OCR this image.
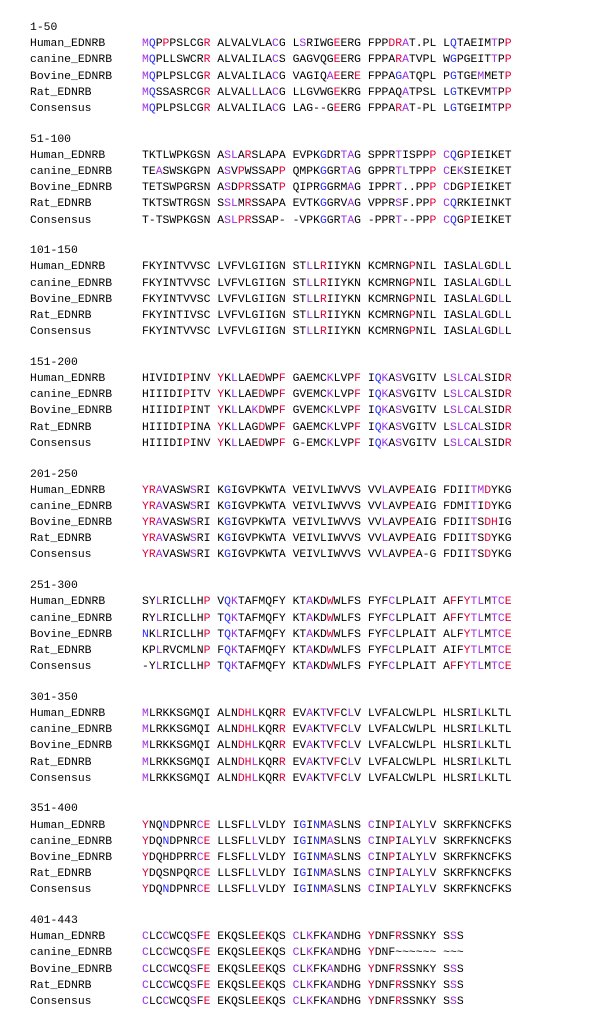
1-50
Human_EDNRB	MQPPPSLCGR ALVALVLACG LSRIWGEERG FPPDRAT.PL LQTAEIMTPP
canine_EDNRB	MQPLLSWCRR ALVALILACS GAGVQGEERG FPPARATVPL WGPGEITTPP
Bovine_EDNRB	MQPLPSLCGR ALVALILACG VAGIQAEERE FPPAGATQPL PGTGEMMETP
Rat_EDNRB	MQSSASRCGR ALVALLLACG LLGVWGEKRG FPPAQATPSL LGTKEVMTPP
Consensus	MQPLPSLCGR ALVALILACG LAG--GEERG FPPARAT-PL LGTGEIMTPP
51-100
Human_EDNRB	TKTLWPKGSN ASLARSLAPA EVPKGDRTAG SPPRTISPPP CQGPIEIKET
canine_EDNRB	TEASWSKGPN ASVPWSSAPP QMPKGGRTAG GPPRTLTPPP CEKSIEIKET
Bovine_EDNRB	TETSWPGRSN ASDPRSSATP QIPRGGRMAG IPPRT..PPP CDGPIEIKET
Rat_EDNRB	TKTSWTRGSN SSLMRSSAPA EVTKGGRVAG VPPRSF.PPP CQRKIEINKT
Consensus	T-TSWPKGSN ASLPRSSAP- -VPKGGRTAG -PPRT--PPP CQGPIEIKET
101-150
Human_EDNRB	FKYINTVVSC LVFVLGIIGN STLLRIIYKN KCMRNGPNIL IASLALGDLL
canine_EDNRB	FKYINTVVSC LVFVLGIIGN STLLRIIYKN KCMRNGPNIL IASLALGDLL
Bovine_EDNRB	FKYINTVVSC LVFVLGIIGN STLLRIIYKN KCMRNGPNIL IASLALGDLL
Rat_EDNRB	FKYINTIVSC LVFVLGIIGN STLLRIIYKN KCMRNGPNIL IASLALGDLL
Consensus	FKYINTVVSC LVFVLGIIGN STLLRIIYKN KCMRNGPNIL IASLALGDLL
151-200
Human_EDNRB	HIVIDIPINV YKLLAEDWPF GAEMCKLVPF IQKASVGITV LSLCALSIDR
canine_EDNRB	HIIIDIPITV YKLLAEDWPF GVEMCKLVPF IQKASVGITV LSLCALSIDR
Bovine_EDNRB	HIIIDIPINT YKLLAKDWPF GVEMCKLVPF IQKASVGITV LSLCALSIDR
Rat_EDNRB	HIIIDIPINA YKLLAGDWPF GAEMCKLVPF IQKASVGITV LSLCALSIDR
Consensus	HIIIDIPINV YKLLAEDWPF G-EMCKLVPF IQKASVGITV LSLCALSIDR
201-250
Human_EDNRB	YRAVASWSRI KGIGVPKWTA VEIVLIWVVS VVLAVPEAIG FDIITMDYKG
canine_EDNRB	YRAVASWSRI KGIGVPKWTA VEIVLIWVVS VVLAVPEAIG FDMITIDYKG
Bovine_EDNRB	YRAVASWSRI KGIGVPKWTA VEIVLIWVVS VVLAVPEAIG FDIITSDHIG
Rat_EDNRB	YRAVASWSRI KGIGVPKWTA VEIVLIWVVS VVLAVPEAIG FDIITSDYKG
Consensus	YRAVASWSRI KGIGVPKWTA VEIVLIWVVS VVLAVPEA-G FDIITSDYKG
251-300
Human_EDNRB	SYLRICLLHP VQKTAFMQFY KTAKDWWLFS FYFCLPLAIT AFFYTLMTCE
canine_EDNRB	RYLRICLLHP TQKTAFMQFY KTAKDWWLFS FYFCLPLAIT AFFYTLMTCE
Bovine_EDNRB	NKLRICLLHP TQKTAFMQFY KTAKDWWLFS FYFCLPLAIT ALFYTLMTCE
Rat_EDNRB	KPLRVCMLNP FQKTAFMQFY KTAKDWWLFS FYFCLPLAIT AIFYTLMTCE
Consensus	-YLRICLLHP TQKTAFMQFY KTAKDWWLFS FYFCLPLAIT AFFYTLMTCE
301-350
Human_EDNRB	MLRKKSGMQI ALNDHLKQRR EVAKTVFCLV LVFALCWLPL HLSRILKLTL
canine_EDNRB	MLRKKSGMQI ALNDHLKQRR EVAKTVFCLV LVFALCWLPL HLSRILKLTL
Bovine_EDNRB	MLRKKSGMQI ALNDHLKQRR EVAKTVFCLV LVFALCWLPL HLSRILKLTL
Rat_EDNRB	MLRKKSGMQI ALNDHLKQRR EVAKTVFCLV LVFALCWLPL HLSRILKLTL
Consensus	MLRKKSGMQI ALNDHLKQRR EVAKTVFCLV LVFALCWLPL HLSRILKLTL
351-400
Human_EDNRB	YNQNDPNRCE LLSFLLVLDY IGINMASLNS CINPIALYLV SKRFKNCFKS
canine_EDNRB	YDQNDPNRCE LLSFLLVLDY IGINMASLNS CINPIALYLV SKRFKNCFKS
Bovine_EDNRB	YDQHDPRRCE FLSFLLVLDY IGINMASLNS CINPIALYLV SKRFKNCFKS
Rat_EDNRB	YDQSNPQRCE LLSFLLVLDY IGINMASLNS CINPIALYLV SKRFKNCFKS
Consensus	YDQNDPNRCE LLSFLLVLDY IGINMASLNS CINPIALYLV SKRFKNCFKS
401-443
Human_EDNRB	CLCCWCQSFE EKQSLEEKQS CLKFKANDHG YDNFRSSNKY SSS
canine_EDNRB	CLCCWCQSFE EKQSLEEKQS CLKFKANDHG YDNF~~~~~~ ~~~
Bovine_EDNRB	CLCCWCQSFE EKQSLEEKQS CLKFKANDHG YDNFRSSNKY SSS
Rat_EDNRB	CLCCWCQSFE EKQSLEEKQS CLKFKANDHG YDNFRSSNKY SSS
Consensus	CLCCWCQSFE EKQSLEEKQS CLKFKANDHG YDNFRSSNKY SSS
